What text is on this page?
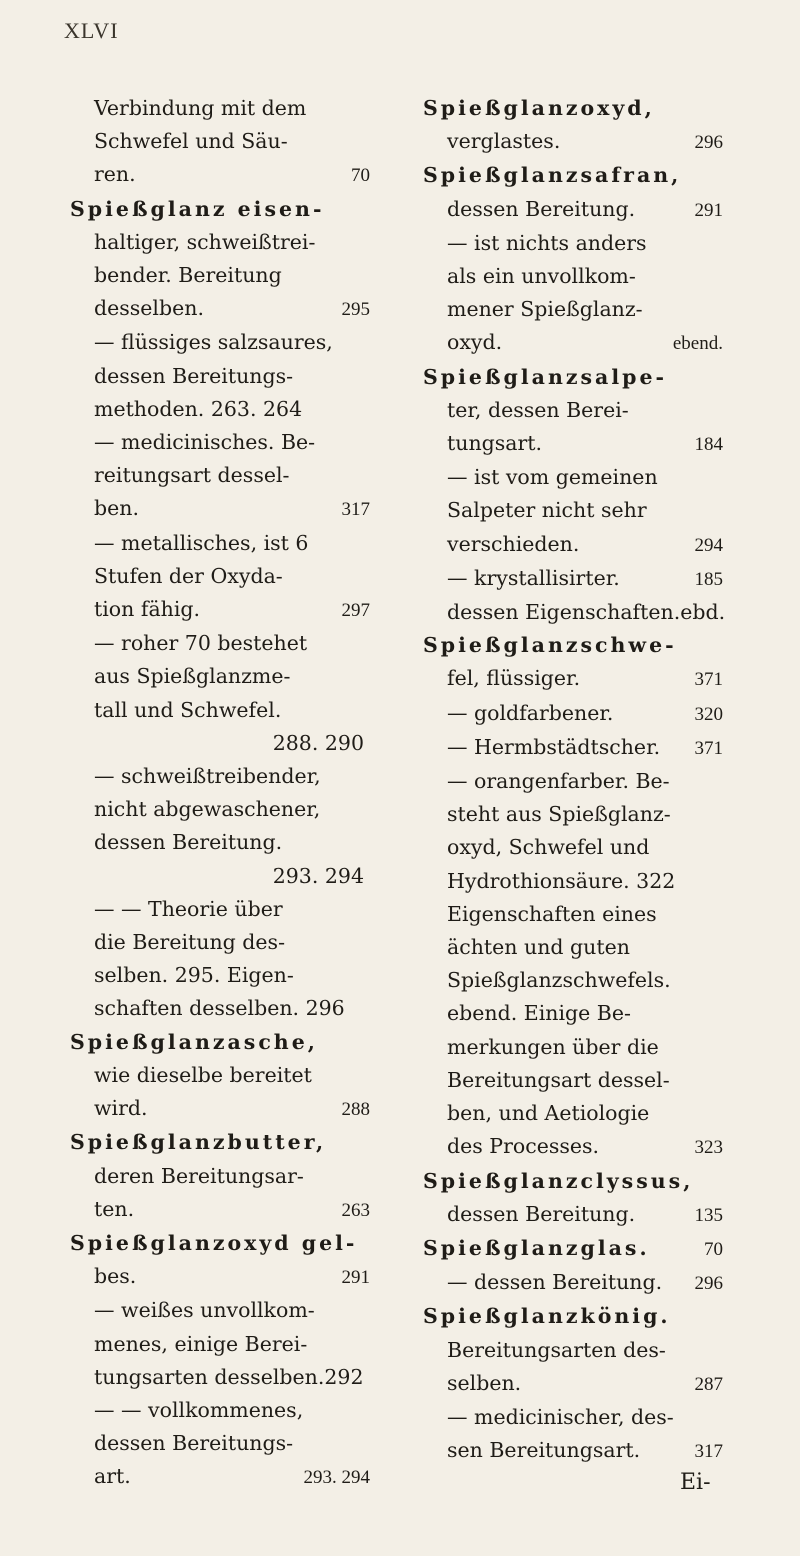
XLVI
Verbindung mit dem
Schwefel und Säu-
ren.	70
Spießglanz eisen-
haltiger, schweißtrei-
bender. Bereitung
desselben.	295
— flüssiges salzsaures,
dessen Bereitungs-
methoden. 263. 264
— medicinisches. Be-
reitungsart dessel-
ben.	317
— metallisches, ist 6
Stufen der Oxyda-
tion fähig.	297
— roher 70 bestehet
aus Spießglanzme-
tall und Schwefel.
288. 290
— schweißtreibender,
nicht abgewaschener,
dessen Bereitung.
293. 294
— — Theorie über
die Bereitung des-
selben. 295. Eigen-
schaften desselben. 296
Spießglanzasche,
wie dieselbe bereitet
wird.	288
Spießglanzbutter,
deren Bereitungsar-
ten.	263
Spießglanzoxyd gel-
bes.	291
— weißes unvollkom-
menes, einige Berei-
tungsarten desselben.292
— — vollkommenes,
dessen Bereitungs-
art.	293. 294
Spießglanzoxyd,
verglastes.	296
Spießglanzsafran,
dessen Bereitung.	291
— ist nichts anders
als ein unvollkom-
mener Spießglanz-
oxyd.	ebend.
Spießglanzsalpe-
ter, dessen Berei-
tungsart.	184
— ist vom gemeinen
Salpeter nicht sehr
verschieden.	294
— krystallisirter.	185
dessen Eigenschaften.ebd.
Spießglanzschwe-
fel, flüssiger.	371
— goldfarbener.	320
— Hermbstädtscher. 371
— orangenfarber. Be-
steht aus Spießglanz-
oxyd, Schwefel und
Hydrothionsäure. 322
Eigenschaften eines
ächten und guten
Spießglanzschwefels.
ebend. Einige Be-
merkungen über die
Bereitungsart dessel-
ben, und Aetiologie
des Processes.	323
Spießglanzclyssus,
dessen Bereitung.	135
Spießglanzglas.	70
— dessen Bereitung. 296
Spießglanzkönig.
Bereitungsarten des-
selben.	287
— medicinischer, des-
sen Bereitungsart.	317
Ei-
